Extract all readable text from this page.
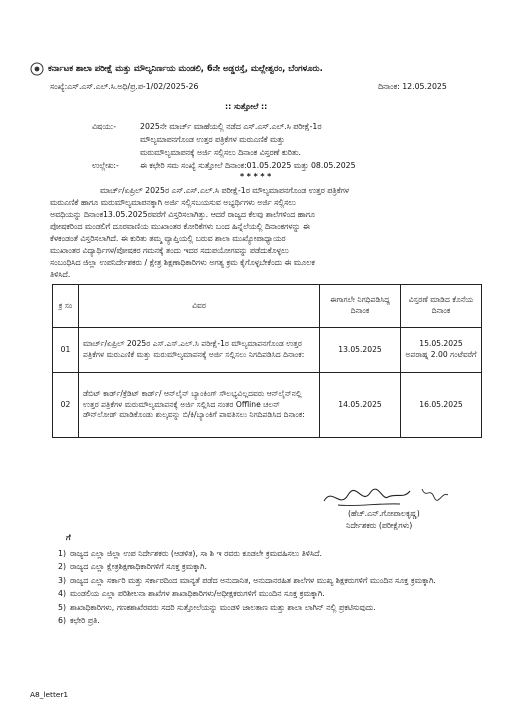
ಕರ್ನಾಟಕ ಶಾಲಾ ಪರೀಕ್ಷೆ ಮತ್ತು ಮೌಲ್ಯನಿರ್ಣಯ ಮಂಡಲಿ, 6ನೇ ಅಡ್ಡರಸ್ತೆ, ಮಲ್ಲೇಶ್ವರಂ, ಬೆಂಗಳೂರು.
ಸಂಖ್ಯೆ:ಎಸ್.ಎಸ್.ಎಲ್.ಸಿ.ಅಧಿ/ಪ್ರ.ಪ-1/02/2025-26	ದಿನಾಂಕ: 12.05.2025
:: ಸುತ್ತೋಲೆ ::
ವಿಷಯ:-	2025ನೇ ಮಾರ್ಚ್ ಮಾಹೆಯಲ್ಲಿ ನಡೆದ ಎಸ್.ಎಸ್.ಎಲ್.ಸಿ ಪರೀಕ್ಷೆ-1ರ
ಮೌಲ್ಯಮಾಪನಗೊಂಡ ಉತ್ತರ ಪತ್ರಿಕೆಗಳ ಮರುಎಣಿಕೆ ಮತ್ತು
ಮರುಮೌಲ್ಯಮಾಪನಕ್ಕೆ ಅರ್ಜಿ ಸಲ್ಲಿಸಲು ದಿನಾಂಕ ವಿಸ್ತರಣೆ ಕುರಿತು.
ಉಲ್ಲೇಖ:-	ಈ ಕಛೇರಿ ಸಮ ಸಂಖ್ಯೆ ಸುತ್ತೋಲೆ ದಿನಾಂಕ:01.05.2025 ಮತ್ತು 08.05.2025
* * * * *
ಮಾರ್ಚ್/ಏಪ್ರಿಲ್ 2025ರ ಎಸ್.ಎಸ್.ಎಲ್.ಸಿ ಪರೀಕ್ಷೆ-1ರ ಮೌಲ್ಯಮಾಪನಗೊಂಡ ಉತ್ತರ ಪತ್ರಿಕೆಗಳ
ಮರುಎಣಿಕೆ ಹಾಗೂ ಮರುಮೌಲ್ಯಮಾಪನಕ್ಕಾಗಿ ಅರ್ಜಿ ಸಲ್ಲಿಸಬಯಸುವ ಅಭ್ಯರ್ಥಿಗಳು ಅರ್ಜಿ ಸಲ್ಲಿಸಲು
ಅವಧಿಯನ್ನು ದಿನಾಂಕ13.05.2025ರವರೆಗೆ ವಿಸ್ತರಿಸಲಾಗಿತ್ತು. ಆದರೆ ರಾಜ್ಯದ ಕೆಲವು ಶಾಲೆಗಳಿಂದ ಹಾಗೂ
ಪೋಷಕರಿಂದ ಮಂಡಲಿಗೆ ದೂರವಾಣಿಯ ಮುಖಾಂತರ ಕೋರಿಕೆಗಳು ಬಂದ ಹಿನ್ನೆಲೆಯಲ್ಲಿ ದಿನಾಂಕಗಳನ್ನು ಈ
ಕೆಳಕಂಡಂತೆ ವಿಸ್ತರಿಸಲಾಗಿದೆ. ಈ ಕುರಿತು ತಮ್ಮ ವ್ಯಾಪ್ತಿಯಲ್ಲಿ ಬರುವ ಶಾಲಾ ಮುಖ್ಯೋಪಾಧ್ಯಾಯರ
ಮುಖಾಂತರ ವಿದ್ಯಾರ್ಥಿಗಳ/ಪೋಷಕರ ಗಮನಕ್ಕೆ ತಂದು ಇದರ ಸದುಪಯೋಗವನ್ನು ಪಡೆದುಕೊಳ್ಳಲು
ಸಂಬಂಧಿಸಿದ ಜಿಲ್ಲಾ ಉಪನಿರ್ದೇಶಕರು / ಕ್ಷೇತ್ರ ಶಿಕ್ಷಣಾಧಿಕಾರಿಗಳು ಅಗತ್ಯ ಕ್ರಮ ಕೈಗೊಳ್ಳಬೇಕೆಂದು ಈ ಮೂಲಕ
ತಿಳಿಸಿದೆ.
ಕ್ರ ಸಂ	ವಿವರ	ಈಗಾಗಲೇ ನಿಗಧಿಪಡಿಸಿದ್ದ ದಿನಾಂಕ	ವಿಸ್ತರಣೆ ಮಾಡಿದ ಕೊನೆಯ ದಿನಾಂಕ
01	ಮಾರ್ಚ್/ಏಪ್ರಿಲ್ 2025ರ ಎಸ್.ಎಸ್.ಎಲ್.ಸಿ ಪರೀಕ್ಷೆ-1ರ ಮೌಲ್ಯಮಾಪನಗೊಂಡ ಉತ್ತರ ಪತ್ರಿಕೆಗಳ ಮರುಎಣಿಕೆ ಮತ್ತು ಮರುಮೌಲ್ಯಮಾಪನಕ್ಕೆ ಅರ್ಜಿ ಸಲ್ಲಿಸಲು ನಿಗದಿಪಡಿಸಿದ ದಿನಾಂಕ:	13.05.2025	15.05.2025
ಅಪರಾಹ್ನ 2.00 ಗಂಟೆವರೆಗೆ

02	ಡೆಬಿಟ್ ಕಾರ್ಡ್/ಕ್ರೆಡಿಟ್ ಕಾರ್ಡ್/ ಆನ್‌ಲೈನ್ ಬ್ಯಾಂಕಿಂಗ್ ಸೌಲಭ್ಯವಿಲ್ಲದವರು ಆನ್‌ಲೈನ್‌ನಲ್ಲಿ ಉತ್ತರ ಪತ್ರಿಕೆಗಳ ಮರುಮೌಲ್ಯಮಾಪನಕ್ಕೆ ಅರ್ಜಿ ಸಲ್ಲಿಸಿದ ನಂತರ Offline ಚಲನ್ ಡೌನ್‌ಲೋಡ್ ಮಾಡಿಕೊಂಡು ಶುಲ್ಕವನ್ನು ಬಿ/ಕಿ/ಬ್ಯಾಂಕಿಗೆ ಪಾವತಿಸಲು ನಿಗದಿಪಡಿಸಿದ ದಿನಾಂಕ:	14.05.2025	16.05.2025
(ಹೆಚ್.ಎನ್.ಗೋಪಾಲಕೃಷ್ಣ)
ನಿರ್ದೇಶಕರು (ಪರೀಕ್ಷೆಗಳು)
ಗೆ
1) ರಾಜ್ಯದ ಎಲ್ಲಾ ಜಿಲ್ಲಾ ಉಪ ನಿರ್ದೇಶಕರು (ಆಡಳಿತ), ಸಾ ಶಿ ಇ ರವರು ಕೂಡಲೇ ಕ್ರಮವಹಿಸಲು ತಿಳಿಸಿದೆ.
2) ರಾಜ್ಯದ ಎಲ್ಲಾ ಕ್ಷೇತ್ರಶಿಕ್ಷಣಾಧಿಕಾರಿಗಳಿಗೆ ಸೂಕ್ತ ಕ್ರಮಕ್ಕಾಗಿ.
3) ರಾಜ್ಯದ ಎಲ್ಲಾ ಸರ್ಕಾರಿ ಮತ್ತು ಸರ್ಕಾರದಿಂದ ಮಾನ್ಯತೆ ಪಡೆದ ಅನುದಾನಿತ, ಅನುದಾನರಹಿತ ಶಾಲೆಗಳ ಮುಖ್ಯ ಶಿಕ್ಷಕರುಗಳಿಗೆ ಮುಂದಿನ ಸೂಕ್ತ ಕ್ರಮಕ್ಕಾಗಿ.
4) ಮಂಡಲಿಯ ಎಲ್ಲಾ ಪರಿಶೀಲನಾ ಶಾಖೆಗಳ ಶಾಖಾಧಿಕಾರಿಗಳು/ಅಧೀಕ್ಷಕರುಗಳಿಗೆ ಮುಂದಿನ ಸೂಕ್ತ ಕ್ರಮಕ್ಕಾಗಿ.
5) ಶಾಖಾಧಿಕಾರಿಗಳು, ಗಣಕಶಾಖೆರವರು ಸದರಿ ಸುತ್ತೋಲೆಯನ್ನು ಮಂಡಳಿ ಜಾಲತಾಣ ಮತ್ತು ಶಾಲಾ ಲಾಗಿನ್ ನಲ್ಲಿ ಪ್ರಕಟಿಸುವುದು.
6) ಕಛೇರಿ ಪ್ರತಿ.
A8_letter1
